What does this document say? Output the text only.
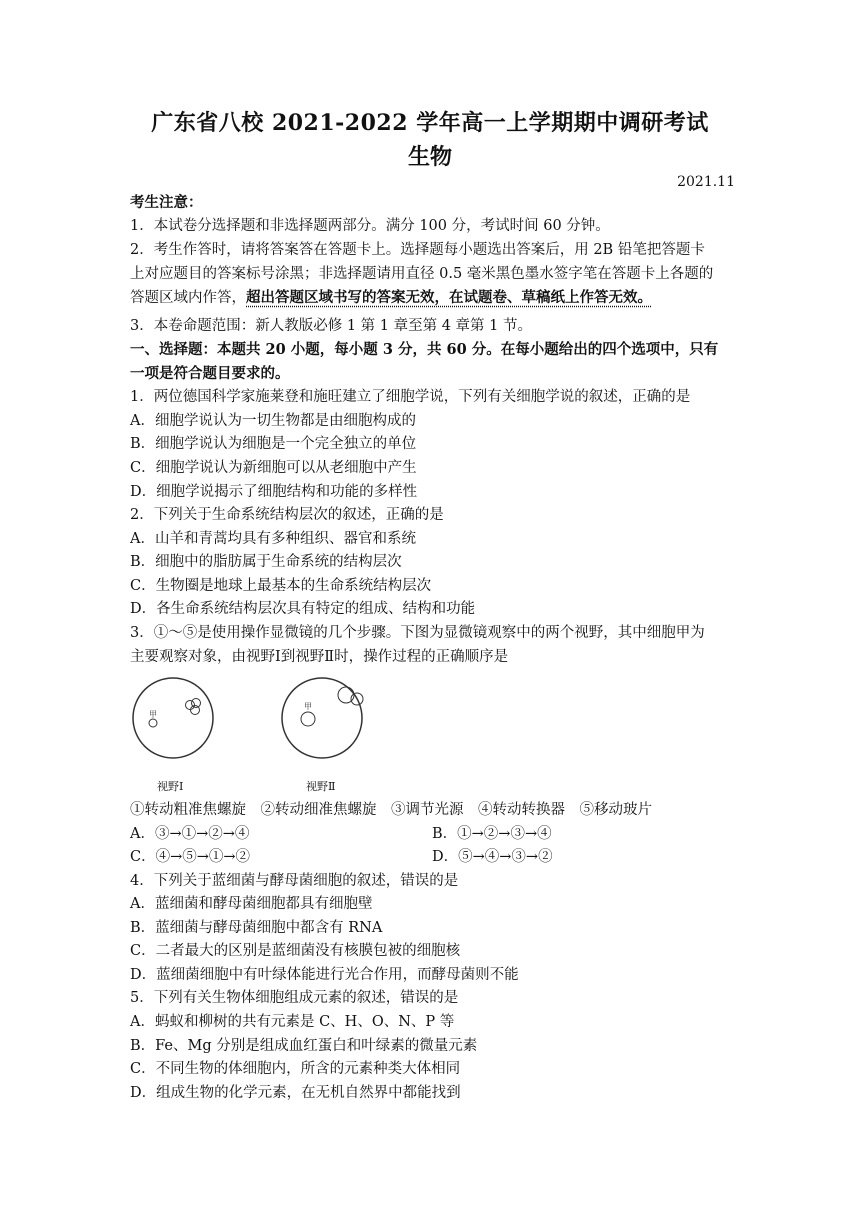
广东省八校 2021-2022 学年高一上学期期中调研考试
生物
2021.11
考生注意：
1．本试卷分选择题和非选择题两部分。满分 100 分，考试时间 60 分钟。
2．考生作答时，请将答案答在答题卡上。选择题每小题选出答案后，用 2B 铅笔把答题卡
上对应题目的答案标号涂黑；非选择题请用直径 0.5 毫米黑色墨水签字笔在答题卡上各题的
答题区域内作答，超出答题区域书写的答案无效，在试题卷、草稿纸上作答无效。
3．本卷命题范围：新人教版必修 1 第 1 章至第 4 章第 1 节。
一、选择题：本题共 20 小题，每小题 3 分，共 60 分。在每小题给出的四个选项中，只有
一项是符合题目要求的。
1．两位德国科学家施莱登和施旺建立了细胞学说，下列有关细胞学说的叙述，正确的是
A．细胞学说认为一切生物都是由细胞构成的
B．细胞学说认为细胞是一个完全独立的单位
C．细胞学说认为新细胞可以从老细胞中产生
D．细胞学说揭示了细胞结构和功能的多样性
2．下列关于生命系统结构层次的叙述，正确的是
A．山羊和青蒿均具有多种组织、器官和系统
B．细胞中的脂肪属于生命系统的结构层次
C．生物圈是地球上最基本的生命系统结构层次
D．各生命系统结构层次具有特定的组成、结构和功能
3．①～⑤是使用操作显微镜的几个步骤。下图为显微镜观察中的两个视野，其中细胞甲为
主要观察对象，由视野Ⅰ到视野Ⅱ时，操作过程的正确顺序是
甲
甲
视野Ⅰ	视野Ⅱ
①转动粗准焦螺旋　②转动细准焦螺旋　③调节光源　④转动转换器　⑤移动玻片
A．③→①→②→④	B．①→②→③→④
C．④→⑤→①→②	D．⑤→④→③→②
4．下列关于蓝细菌与酵母菌细胞的叙述，错误的是
A．蓝细菌和酵母菌细胞都具有细胞壁
B．蓝细菌与酵母菌细胞中都含有 RNA
C．二者最大的区别是蓝细菌没有核膜包被的细胞核
D．蓝细菌细胞中有叶绿体能进行光合作用，而酵母菌则不能
5．下列有关生物体细胞组成元素的叙述，错误的是
A．蚂蚁和柳树的共有元素是 C、H、O、N、P 等
B．Fe、Mg 分别是组成血红蛋白和叶绿素的微量元素
C．不同生物的体细胞内，所含的元素种类大体相同
D．组成生物的化学元素，在无机自然界中都能找到
